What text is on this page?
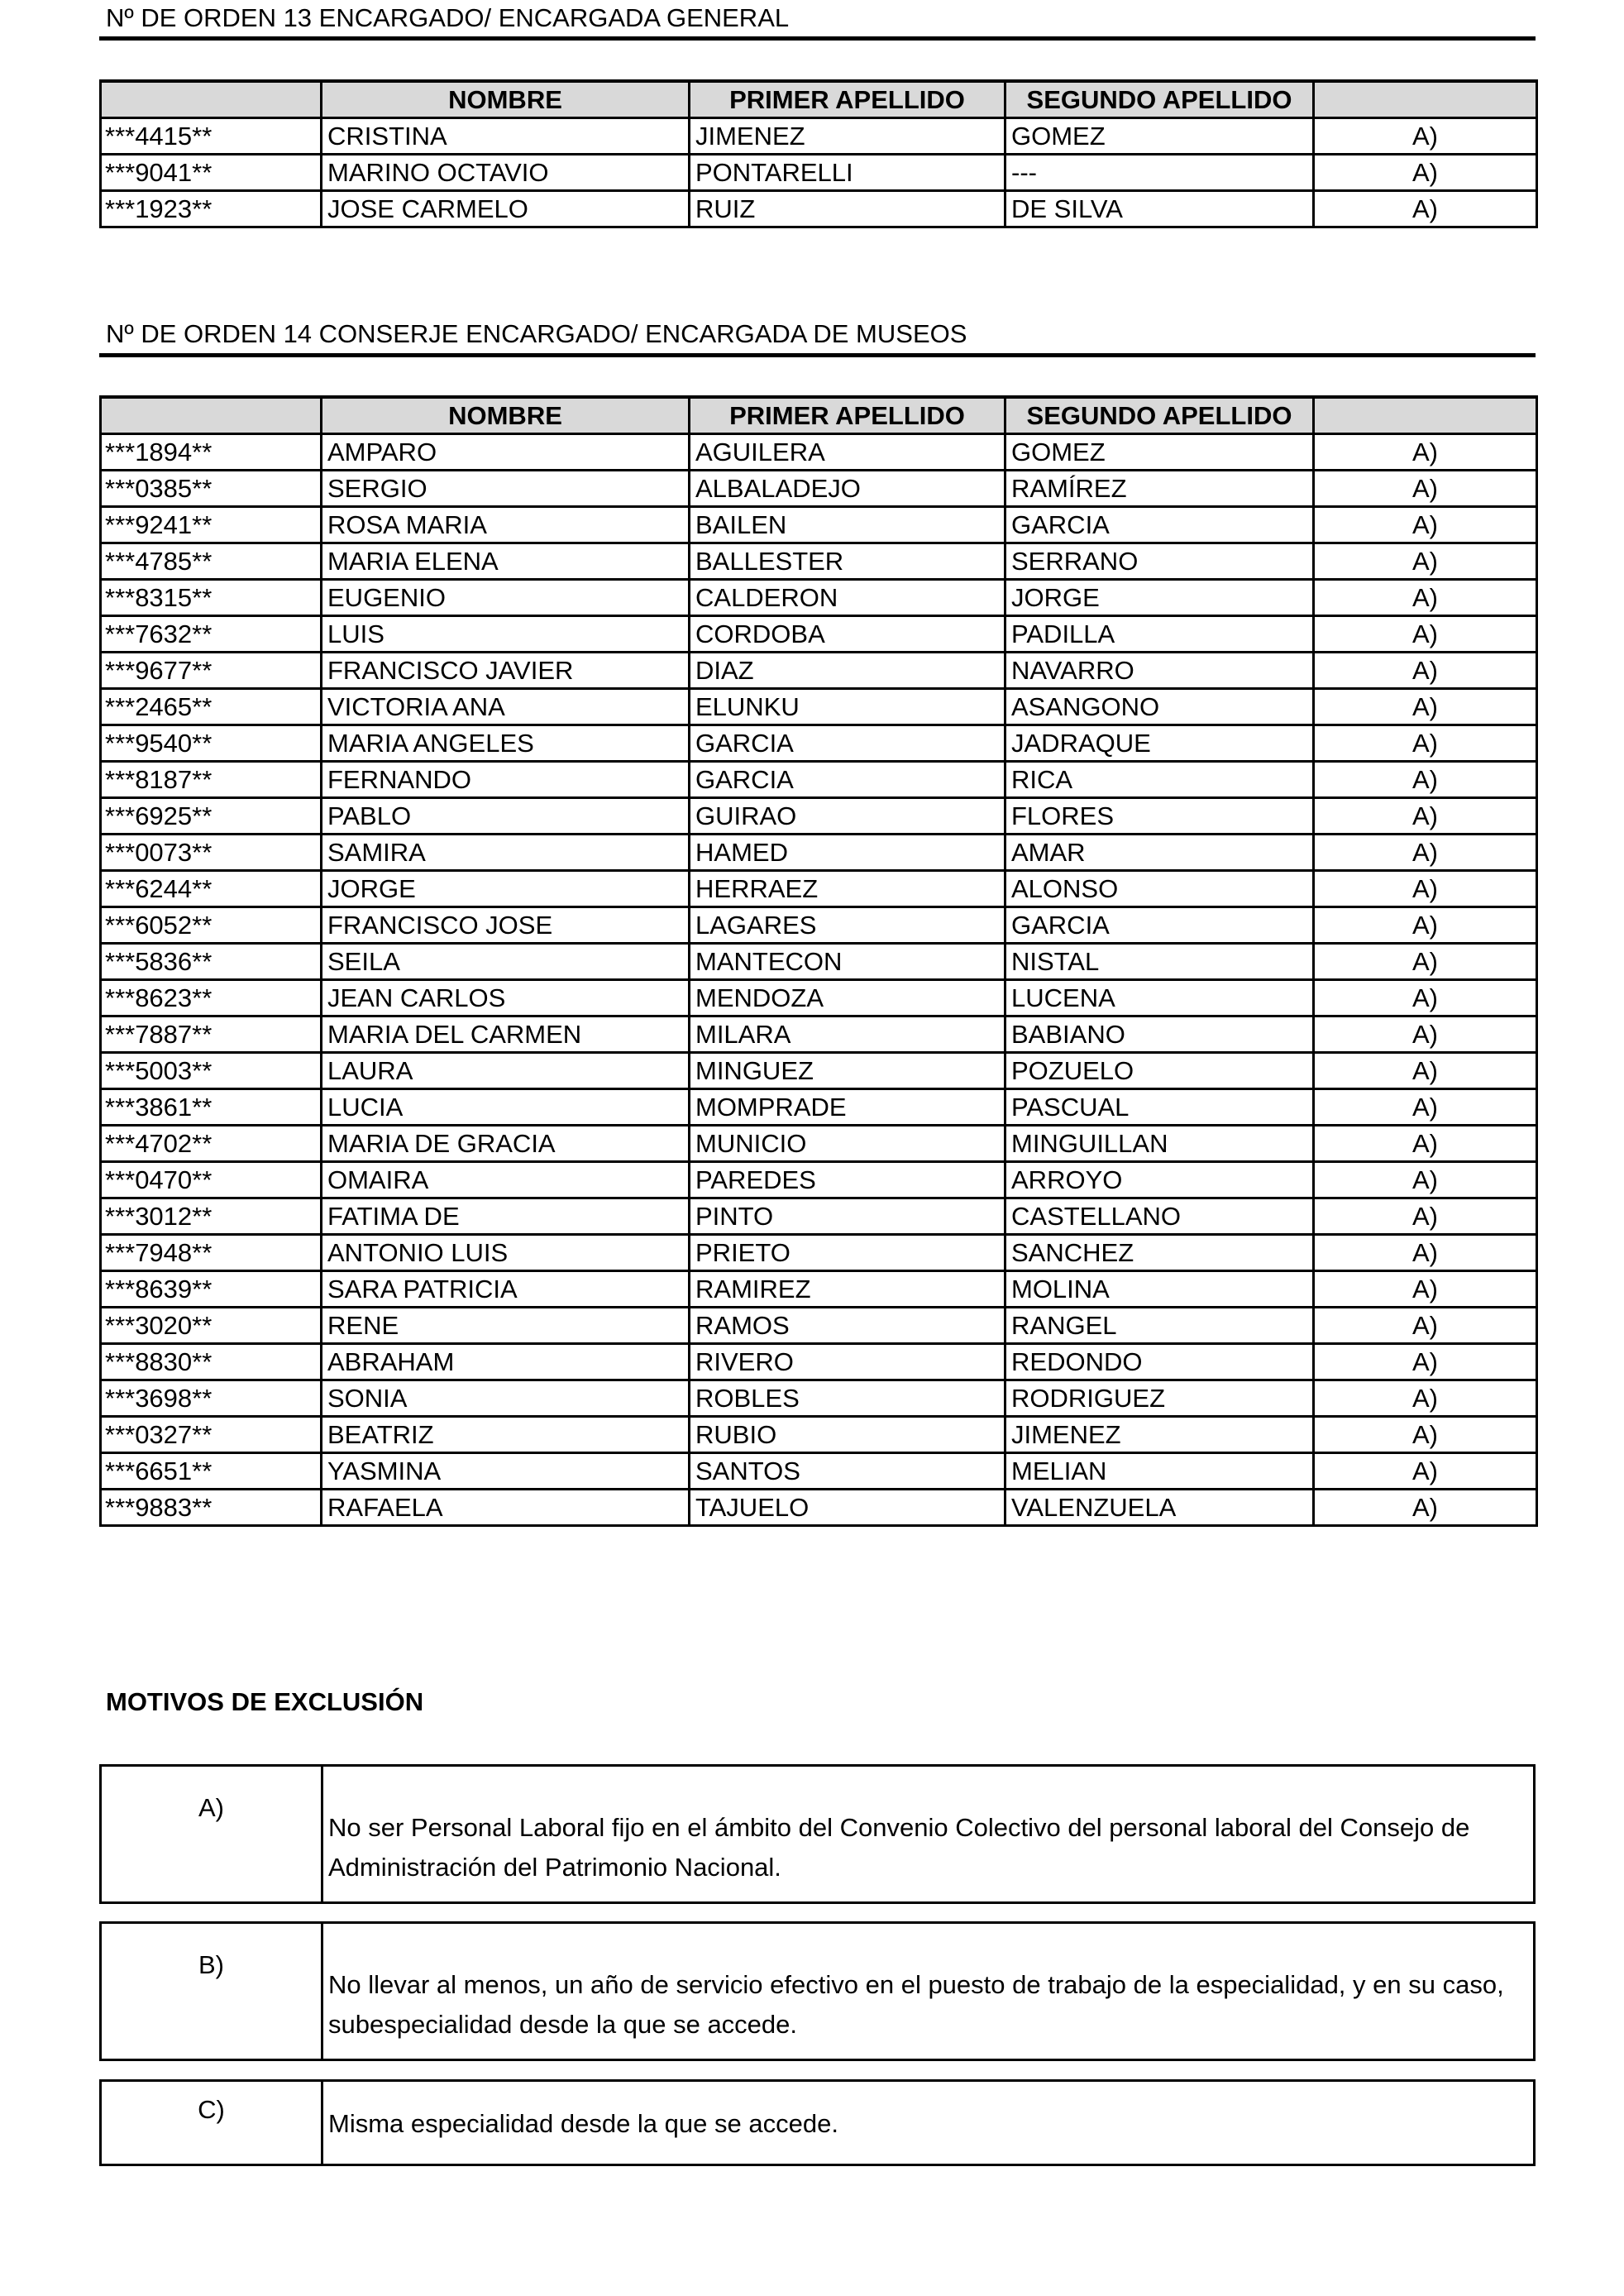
Nº DE ORDEN 13 ENCARGADO/ ENCARGADA GENERAL
	NOMBRE	PRIMER APELLIDO	SEGUNDO APELLIDO	
***4415**	CRISTINA	JIMENEZ	GOMEZ	A)
***9041**	MARINO OCTAVIO	PONTARELLI	---	A)
***1923**	JOSE CARMELO	RUIZ	DE SILVA	A)
Nº DE ORDEN 14 CONSERJE ENCARGADO/ ENCARGADA DE MUSEOS
	NOMBRE	PRIMER APELLIDO	SEGUNDO APELLIDO	
***1894**	AMPARO	AGUILERA	GOMEZ	A)
***0385**	SERGIO	ALBALADEJO	RAMÍREZ	A)
***9241**	ROSA MARIA	BAILEN	GARCIA	A)
***4785**	MARIA ELENA	BALLESTER	SERRANO	A)
***8315**	EUGENIO	CALDERON	JORGE	A)
***7632**	LUIS	CORDOBA	PADILLA	A)
***9677**	FRANCISCO JAVIER	DIAZ	NAVARRO	A)
***2465**	VICTORIA ANA	ELUNKU	ASANGONO	A)
***9540**	MARIA ANGELES	GARCIA	JADRAQUE	A)
***8187**	FERNANDO	GARCIA	RICA	A)
***6925**	PABLO	GUIRAO	FLORES	A)
***0073**	SAMIRA	HAMED	AMAR	A)
***6244**	JORGE	HERRAEZ	ALONSO	A)
***6052**	FRANCISCO JOSE	LAGARES	GARCIA	A)
***5836**	SEILA	MANTECON	NISTAL	A)
***8623**	JEAN CARLOS	MENDOZA	LUCENA	A)
***7887**	MARIA DEL CARMEN	MILARA	BABIANO	A)
***5003**	LAURA	MINGUEZ	POZUELO	A)
***3861**	LUCIA	MOMPRADE	PASCUAL	A)
***4702**	MARIA DE GRACIA	MUNICIO	MINGUILLAN	A)
***0470**	OMAIRA	PAREDES	ARROYO	A)
***3012**	FATIMA DE	PINTO	CASTELLANO	A)
***7948**	ANTONIO LUIS	PRIETO	SANCHEZ	A)
***8639**	SARA PATRICIA	RAMIREZ	MOLINA	A)
***3020**	RENE	RAMOS	RANGEL	A)
***8830**	ABRAHAM	RIVERO	REDONDO	A)
***3698**	SONIA	ROBLES	RODRIGUEZ	A)
***0327**	BEATRIZ	RUBIO	JIMENEZ	A)
***6651**	YASMINA	SANTOS	MELIAN	A)
***9883**	RAFAELA	TAJUELO	VALENZUELA	A)
MOTIVOS DE EXCLUSIÓN
A)	No ser Personal Laboral fijo en el ámbito del Convenio Colectivo del personal laboral del Consejo de Administración del Patrimonio Nacional.
B)	No llevar al menos, un año de servicio efectivo en el puesto de trabajo de la especialidad, y en su caso, subespecialidad desde la que se accede.
C)	Misma especialidad desde la que se accede.
